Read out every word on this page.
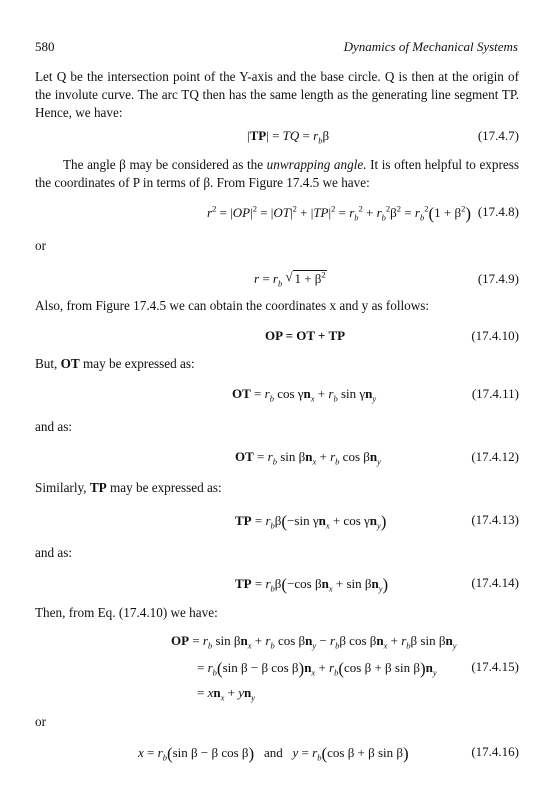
580	Dynamics of Mechanical Systems
Let Q be the intersection point of the Y-axis and the base circle. Q is then at the origin of the involute curve. The arc TQ then has the same length as the generating line segment TP. Hence, we have:
|TP| = TQ = $r_b\beta$	(17.4.7)
The angle β may be considered as the unwrapping angle. It is often helpful to express the coordinates of P in terms of β. From Figure 17.4.5 we have:
$r^2 = |OP|^2 = |OT|^2 + |TP|^2 = r_b^2 + r_b^2\beta^2 = r_b^2(1 + \beta^2)$ (17.4.8)
or
$r = r_b$ √ $1 + \beta^2$	(17.4.9)
Also, from Figure 17.4.5 we can obtain the coordinates x and y as follows:
OP = OT + TP	(17.4.10)
But, OT may be expressed as:
OT = $r_b$ $\cos \gamma n_x + r_b$ $\sin \gamma n_y$	(17.4.11)
and as:
OT = $r_b$ $\sin \beta n_x + r_b$ $\cos \beta n_y$	(17.4.12)
Similarly, TP may be expressed as:
TP = $r_b\beta(-\sin$ $\gamma n_x + \cos \gamma n_y$)	(17.4.13)
and as:
TP = $r_b\beta(-\cos$ $\beta n_x + \sin \beta n_y$)	(17.4.14)
Then, from Eq. (17.4.10) we have:
OP = $r_b$ $\sin \beta n_x + r_b$ $\cos \beta n_y - r_b\beta$ $\cos \beta n_x + r_b\beta$ $\sin \beta n_y$
= $r_b(\sin$ β − β $\cos \beta)n_x + r_b(\cos$ β + β $\sin \beta)n_y$
= $xn_x + yn_y$
(17.4.15)
or
$x = r_b(\sin$ β − β cos β) and $y = r_b(\cos$ β + β sin β)	(17.4.16)
